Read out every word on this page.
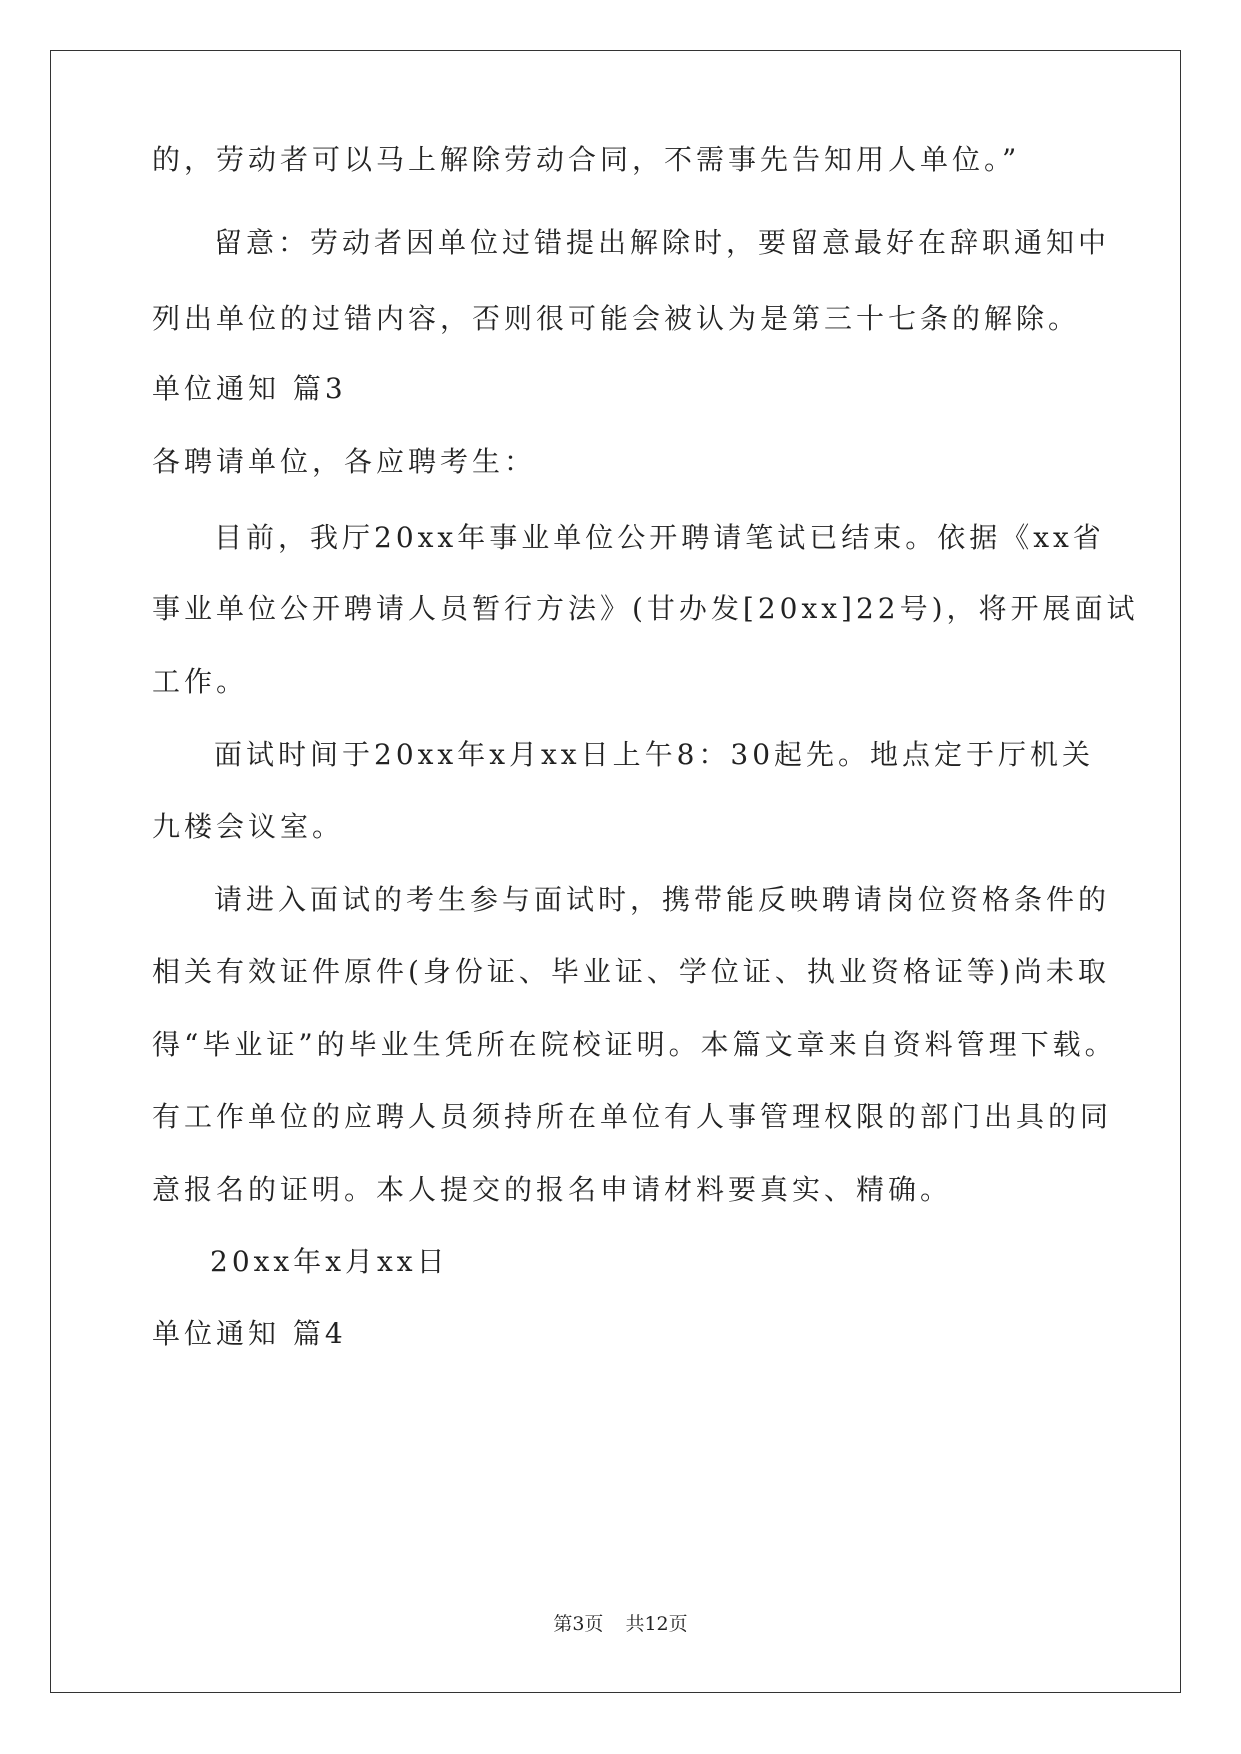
的，劳动者可以马上解除劳动合同，不需事先告知用人单位。”
留意：劳动者因单位过错提出解除时，要留意最好在辞职通知中
列出单位的过错内容，否则很可能会被认为是第三十七条的解除。
单位通知 篇3
各聘请单位，各应聘考生：
目前，我厅20xx年事业单位公开聘请笔试已结束。依据《xx省
事业单位公开聘请人员暂行方法》(甘办发[20xx]22号)，将开展面试
工作。
面试时间于20xx年x月xx日上午8：30起先。地点定于厅机关
九楼会议室。
请进入面试的考生参与面试时，携带能反映聘请岗位资格条件的
相关有效证件原件(身份证、毕业证、学位证、执业资格证等)尚未取
得“毕业证”的毕业生凭所在院校证明。本篇文章来自资料管理下载。
有工作单位的应聘人员须持所在单位有人事管理权限的部门出具的同
意报名的证明。本人提交的报名申请材料要真实、精确。
20xx年x月xx日
单位通知 篇4
第3页 共12页
